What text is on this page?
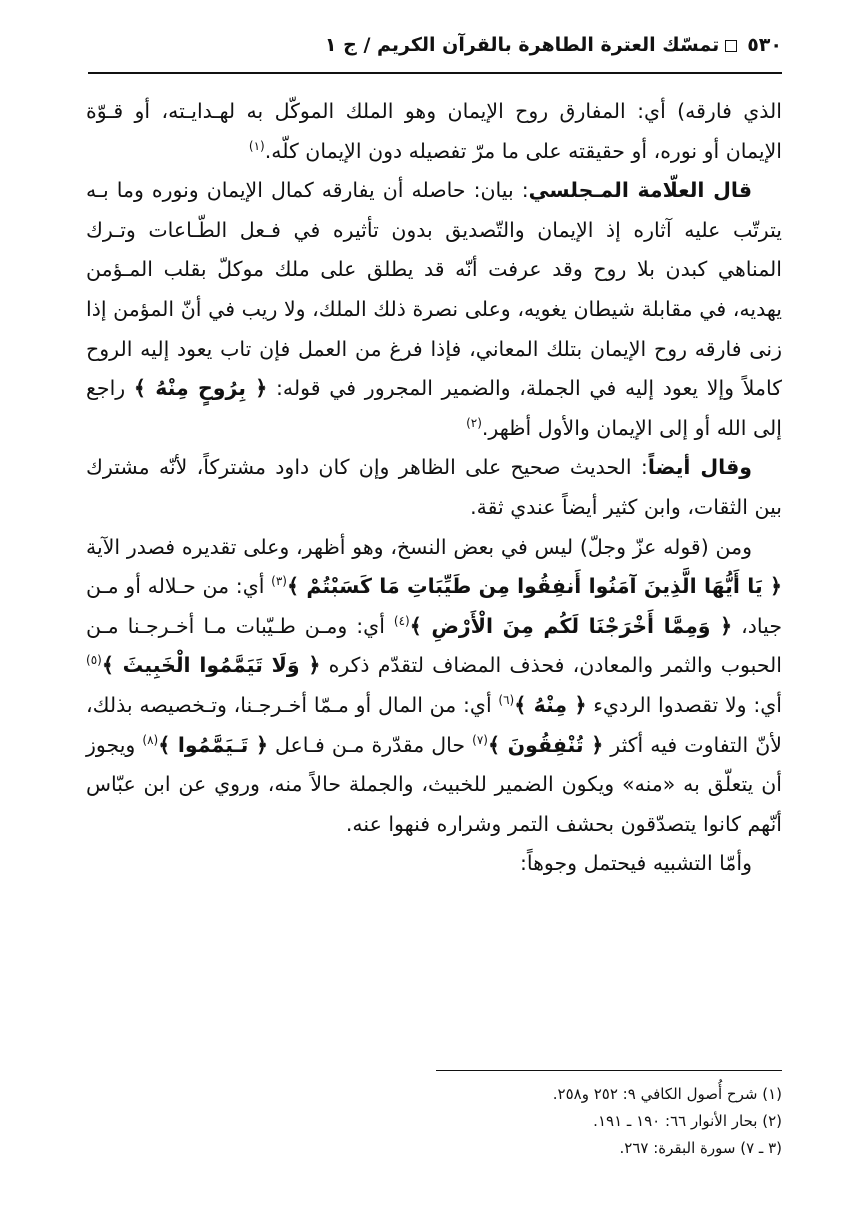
٥٣٠تمسّك العترة الطاهرة بالقرآن الكريم / ج ١

الذي فارقه) أي: المفارق روح الإيمان وهو الملك الموكّل به لهـدايـته، أو قـوّة الإيمان أو نوره، أو حقيقته على ما مرّ تفصيله دون الإيمان كلّه.$^{(١)}$

قال العلّامة المـجلسي: بيان: حاصله أن يفارقه كمال الإيمان ونوره وما بـه يترتّب عليه آثاره إذ الإيمان والتّصديق بدون تأثيره في فـعل الطّـاعات وتـرك المناهي كبدن بلا روح وقد عرفت أنّه قد يطلق على ملك موكلّ بقلب المـؤمن يهديه، في مقابلة شيطان يغويه، وعلى نصرة ذلك الملك، ولا ريب في أنّ المؤمن إذا زنى فارقه روح الإيمان بتلك المعاني، فإذا فرغ من العمل فإن تاب يعود إليه الروح كاملاً وإلا يعود إليه في الجملة، والضمير المجرور في قوله: ﴿ بِرُوحٍ مِنْهُ ﴾ راجع إلى الله أو إلى الإيمان والأول أظهر.$^{(٢)}$

وقال أيضاً: الحديث صحيح على الظاهر وإن كان داود مشتركاً، لأنّه مشترك بين الثقات، وابن كثير أيضاً عندي ثقة.

ومن (قوله عزّ وجلّ) ليس في بعض النسخ، وهو أظهر، وعلى تقديره فصدر الآية ﴿ يَا أَيُّهَا الَّذِينَ آمَنُوا أَنفِقُوا مِن طَيِّبَاتِ مَا كَسَبْتُمْ ﴾$^{(٣)}$ أي: من حـلاله أو مـن جياد، ﴿ وَمِمَّا أَخْرَجْنَا لَكُم مِنَ الْأَرْضِ ﴾$^{(٤)}$ أي: ومـن طـيّبات مـا أخـرجـنا مـن الحبوب والثمر والمعادن، فحذف المضاف لتقدّم ذكره ﴿ وَلَا تَيَمَّمُوا الْخَبِيثَ ﴾$^{(٥)}$ أي: ولا تقصدوا الرديء ﴿ مِنْهُ ﴾$^{(٦)}$ أي: من المال أو مـمّا أخـرجـنا، وتـخصيصه بذلك، لأنّ التفاوت فيه أكثر ﴿ تُنْفِقُونَ ﴾$^{(٧)}$ حال مقدّرة مـن فـاعل ﴿ تَـيَمَّمُوا ﴾$^{(٨)}$ ويجوز أن يتعلّق به «منه» ويكون الضمير للخبيث، والجملة حالاً منه، وروي عن ابن عبّاس أنّهم كانوا يتصدّقون بحشف التمر وشراره فنهوا عنه.

وأمّا التشبيه فيحتمل وجوهاً:

(١) شرح أُصول الكافي ٩: ٢٥٢ و٢٥٨.
(٢) بحار الأنوار ٦٦: ١٩٠ ـ ١٩١.
(٣ ـ ٧) سورة البقرة: ٢٦٧.
